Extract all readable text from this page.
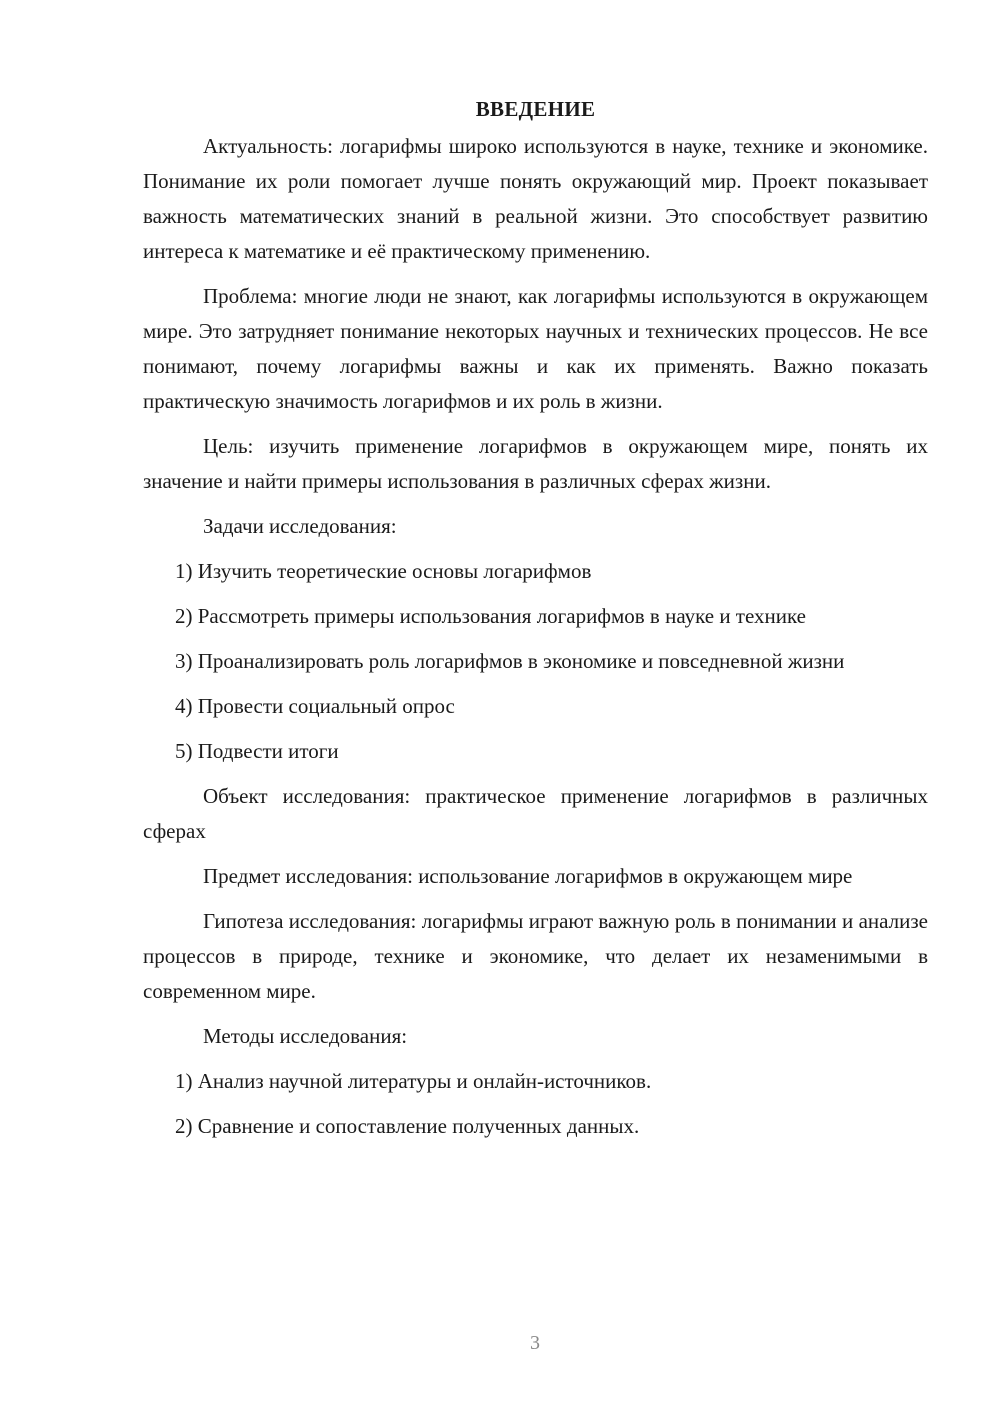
ВВЕДЕНИЕ

Актуальность: логарифмы широко используются в науке, технике и экономике. Понимание их роли помогает лучше понять окружающий мир. Проект показывает важность математических знаний в реальной жизни. Это способствует развитию интереса к математике и её практическому применению.

Проблема: многие люди не знают, как логарифмы используются в окружающем мире. Это затрудняет понимание некоторых научных и технических процессов. Не все понимают, почему логарифмы важны и как их применять. Важно показать практическую значимость логарифмов и их роль в жизни.

Цель: изучить применение логарифмов в окружающем мире, понять их значение и найти примеры использования в различных сферах жизни.

Задачи исследования:

1) Изучить теоретические основы логарифмов

2) Рассмотреть примеры использования логарифмов в науке и технике

3) Проанализировать роль логарифмов в экономике и повседневной жизни

4) Провести социальный опрос

5) Подвести итоги

Объект исследования: практическое применение логарифмов в различных сферах

Предмет исследования: использование логарифмов в окружающем мире

Гипотеза исследования: логарифмы играют важную роль в понимании и анализе процессов в природе, технике и экономике, что делает их незаменимыми в современном мире.

Методы исследования:

1) Анализ научной литературы и онлайн-источников.

2) Сравнение и сопоставление полученных данных.

3
